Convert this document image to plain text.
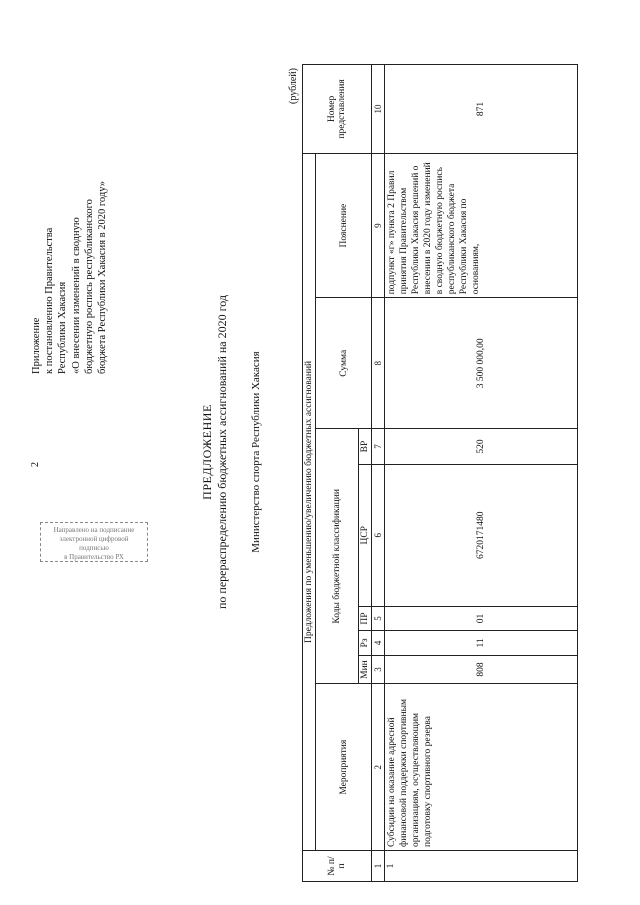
2
Приложение к постановлению Правительства Республики Хакасия «О внесении изменений в сводную бюджетную роспись республиканского бюджета Республики Хакасия в 2020 году»
ПРЕДЛОЖЕНИЕ по перераспределению бюджетных ассигнований на 2020 год Министерство спорта Республики Хакасия
(рублей)
№ п/п	Предложения по уменьшению/увеличению бюджетных ассигнований								Номер представления
	Мероприятия	Коды бюджетной классификации					Сумма	Пояснение	
		Мин	Рз	ПР	ЦСР	ВР			
1	2	3	4	5	6	7	8	9	10
1	Субсидии на оказание адресной финансовой поддержки спортивным организациям, осуществляющим подготовку спортивного резерва	808	11	01	6720171480	520	3 500 000,00	подпункт «г» пункта 2 Правил принятия Правительством Республики Хакасия решений о внесении в 2020 году изменений в сводную бюджетную роспись республиканского бюджета Республики Хакасия по основаниям,	871
Направлено на подписание
электронной цифровой подписью
в Правительство РХ
